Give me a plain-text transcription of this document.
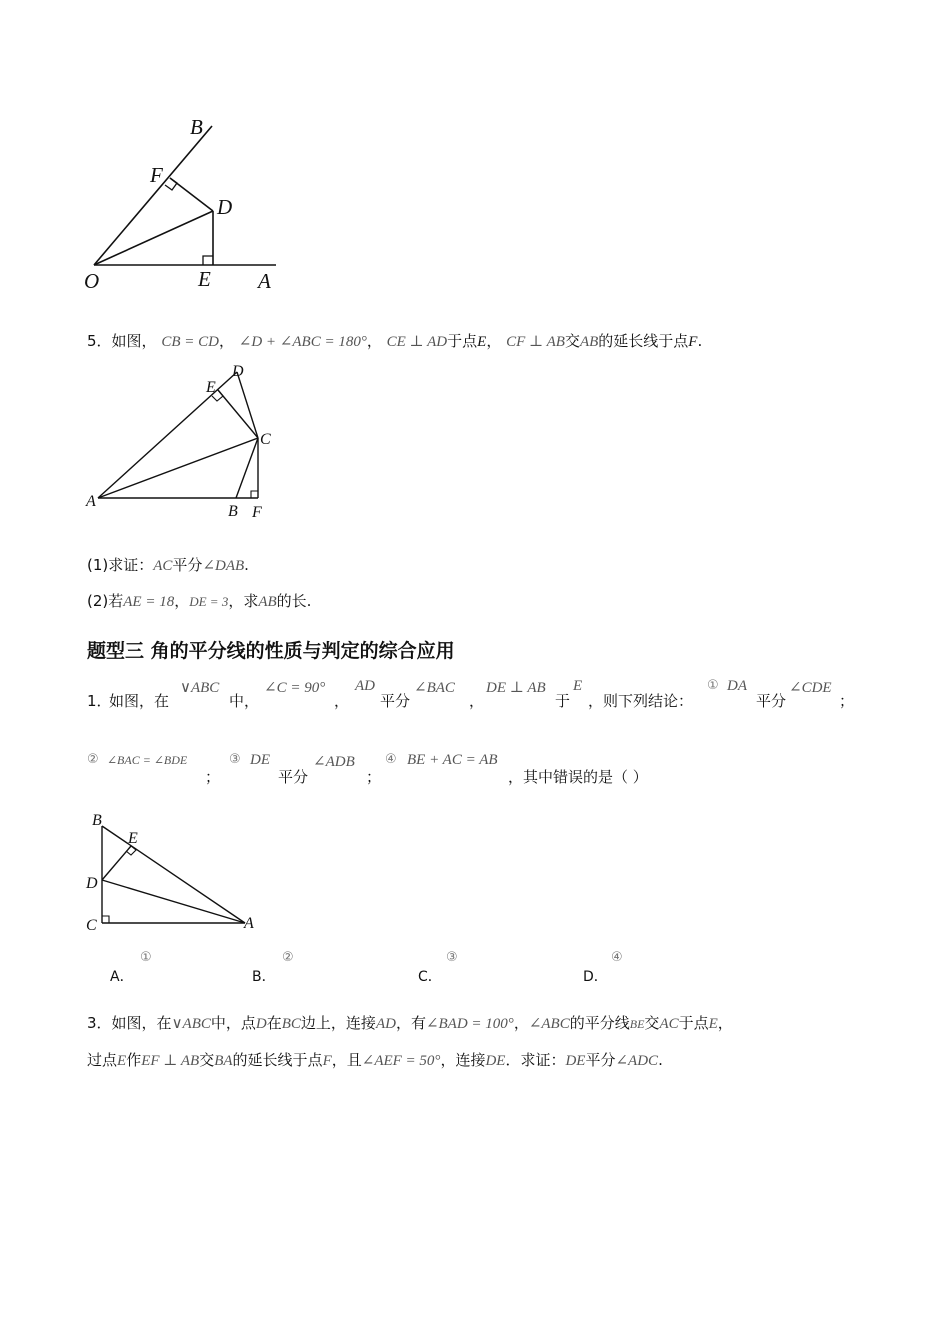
B
F
D
O	E A
5．如图， CB = CD， ∠D + ∠ABC = 180°， CE ⊥ AD于点E， CF ⊥ AB交AB的延长线于点F.
E
D
C
A
B F
(1)求证：AC平分∠DAB.
(2)若AE = 18，DE = 3，求AB的长.
题型三 角的平分线的性质与判定的综合应用
1．
如图，在
∨ABC
中，
∠C = 90°
，
AD
平分
∠BAC
，
DE ⊥ AB
于
E
，则下列结论：
① DA
平分
∠CDE
；
② ∠BAC = ∠BDE
；
③ DE
平分
∠ADB
；
④ BE + AC = AB
，其中错误的是（ ）
B
E
D
C	A
A．
①
B．
②
C．
③
D．
④
3．如图，在∨ABC中，点D在BC边上，连接AD，有∠BAD = 100°，∠ABC的平分线BE交AC于点E，
过点E作EF ⊥ AB交BA的延长线于点F，且∠AEF = 50°，连接DE．求证：DE平分∠ADC.
